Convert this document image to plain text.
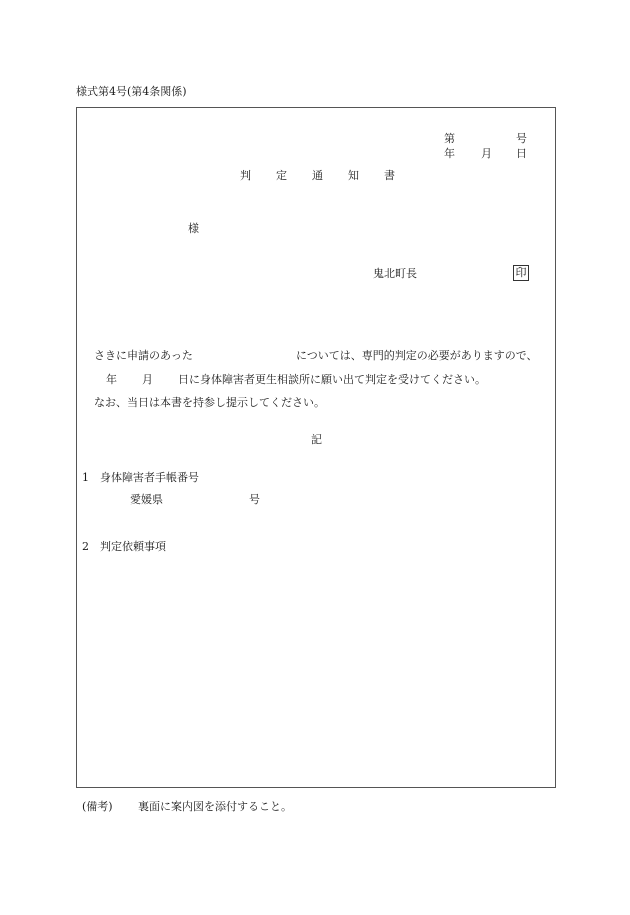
様式第4号(第4条関係)
第	号
年 月 日
判 定 通 知 書
様
鬼北町長	印
さきに申請のあった	については、専門的判定の必要がありますので、
年 月 日に身体障害者更生相談所に願い出て判定を受けてください。
なお、当日は本書を持参し提示してください。
記
1 身体障害者手帳番号
愛媛県	号
2 判定依頼事項
(備考) 裏面に案内図を添付すること。
